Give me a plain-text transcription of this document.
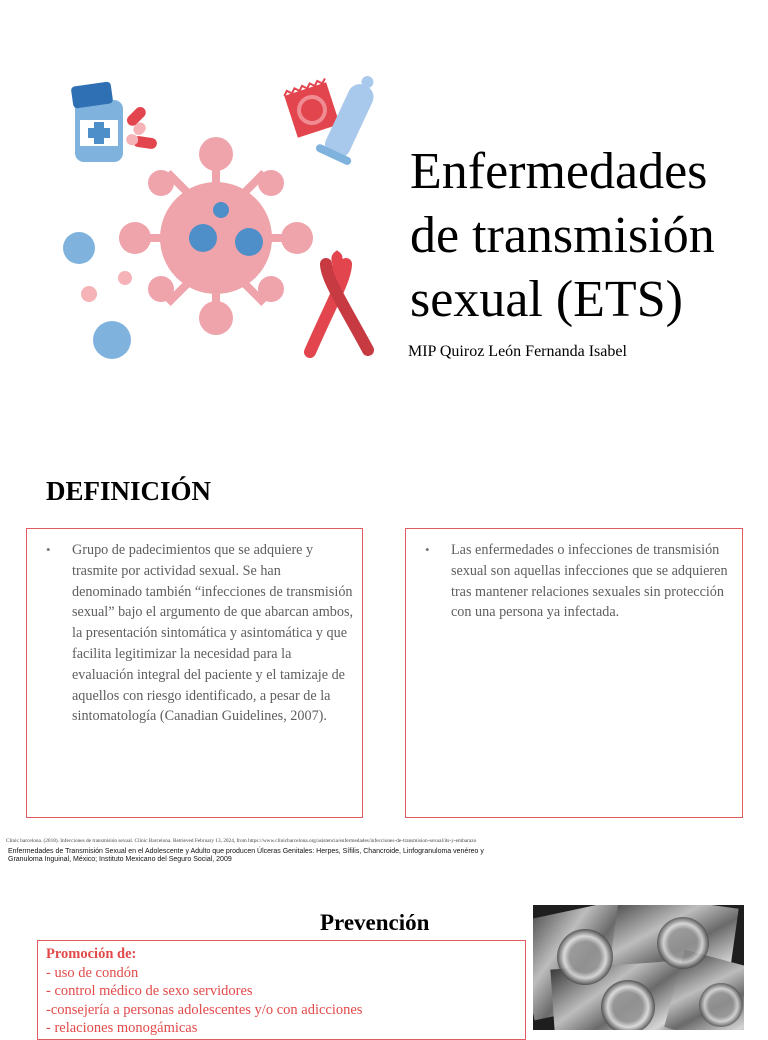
Enfermedades de transmisión sexual (ETS)
MIP Quiroz León Fernanda Isabel
DEFINICIÓN
• Grupo de padecimientos que se adquiere y trasmite por actividad sexual. Se han denominado también “infecciones de transmisión sexual” bajo el argumento de que abarcan ambos, la presentación sintomática y asintomática y que facilita legitimizar la necesidad para la evaluación integral del paciente y el tamizaje de aquellos con riesgo identificado, a pesar de la sintomatología (Canadian Guidelines, 2007).
• Las enfermedades o infecciones de transmisión sexual son aquellas infecciones que se adquieren tras mantener relaciones sexuales sin protección con una persona ya infectada.
Clínic barcelona. (2018). Infecciones de transmisión sexual. Clínic Barcelona. Retrieved February 13, 2024, from https://www.clinicbarcelona.org/asistencia/enfermedades/infecciones-de-transmision-sexual/its-y-embarazo
Enfermedades de Transmisión Sexual en el Adolescente y Adulto que producen Úlceras Genitales: Herpes, Sífilis, Chancroide, Linfogranuloma venéreo y Granuloma Inguinal, México; Instituto Mexicano del Seguro Social, 2009
Prevención
Promoción de:
- uso de condón
- control médico de sexo servidores
-consejería a personas adolescentes y/o con adicciones
- relaciones monogámicas
